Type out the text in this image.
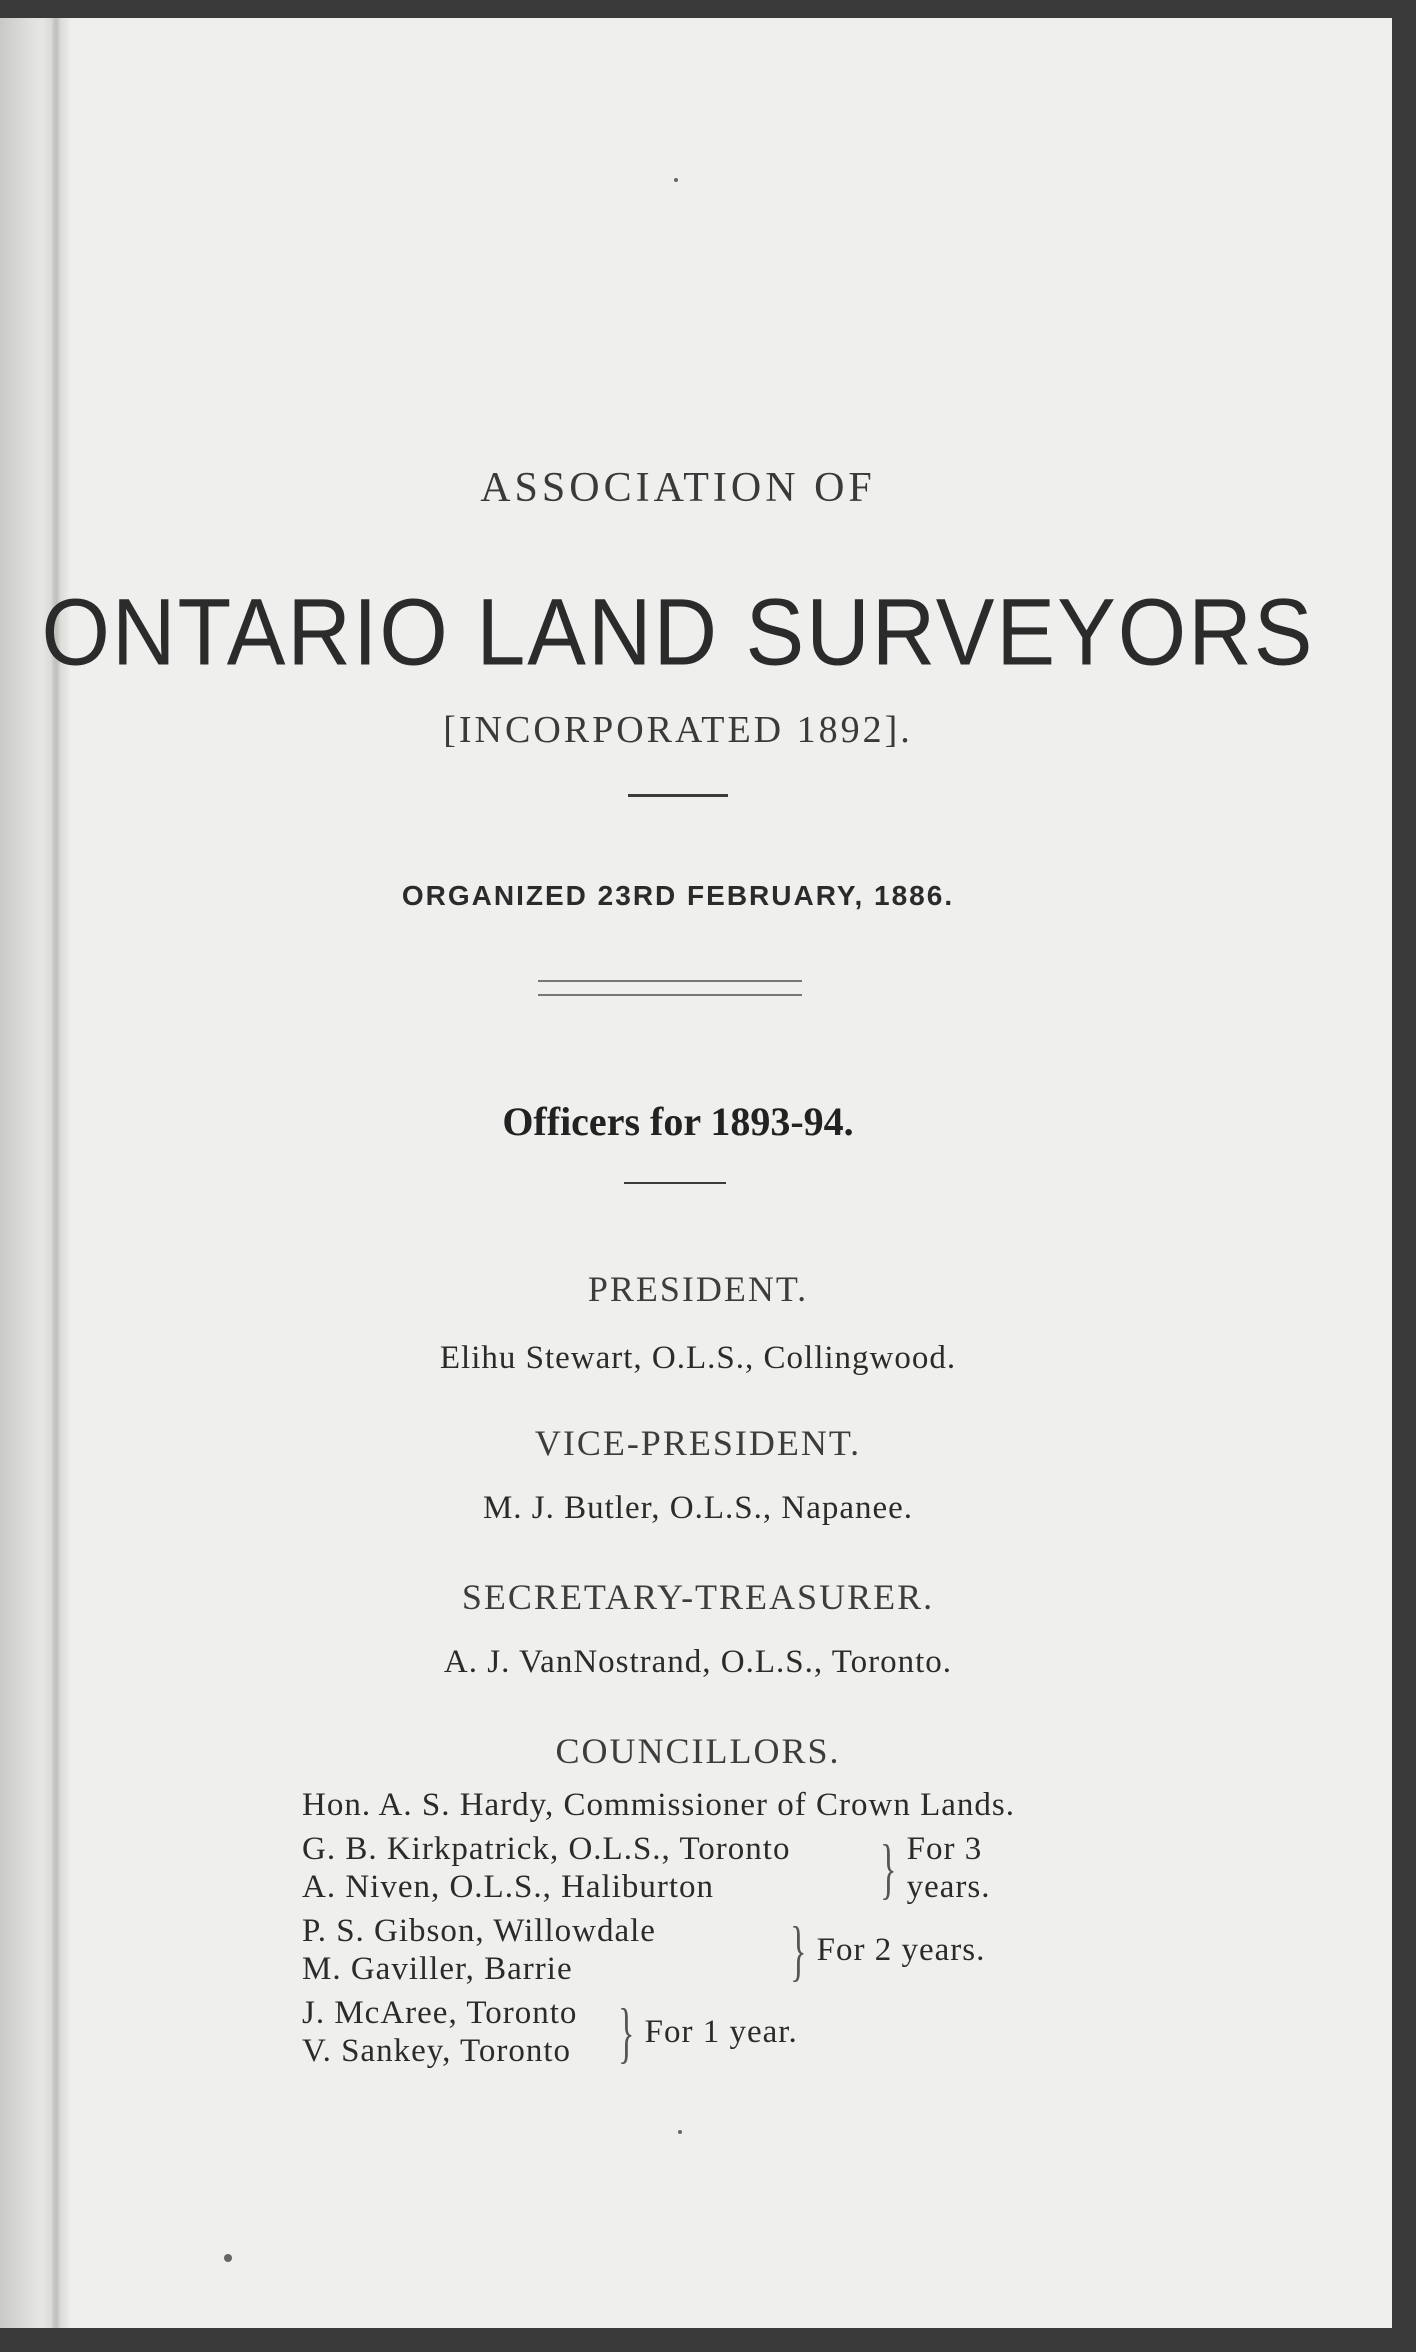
ASSOCIATION OF
ONTARIO LAND SURVEYORS
[INCORPORATED 1892].
ORGANIZED 23RD FEBRUARY, 1886.
Officers for 1893-94.
PRESIDENT.
Elihu Stewart, O.L.S., Collingwood.
VICE-PRESIDENT.
M. J. Butler, O.L.S., Napanee.
SECRETARY-TREASURER.
A. J. VanNostrand, O.L.S., Toronto.
COUNCILLORS.
Hon. A. S. Hardy, Commissioner of Crown Lands.
G. B. Kirkpatrick, O.L.S., Toronto
A. Niven, O.L.S., Haliburton	} For 3 years.
P. S. Gibson, Willowdale
M. Gaviller, Barrie	} For 2 years.
J. McAree, Toronto
V. Sankey, Toronto } For 1 year.
